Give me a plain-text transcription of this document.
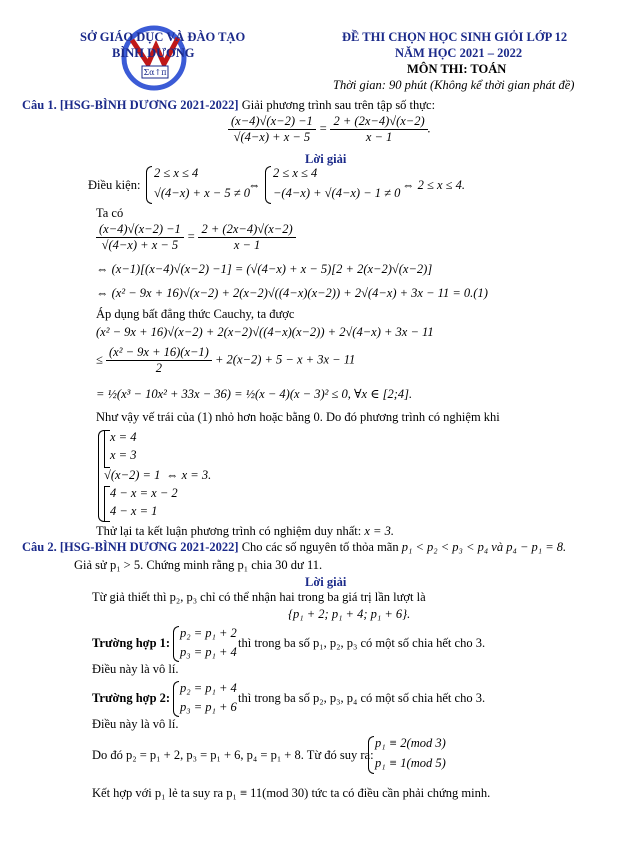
Σα↑π
SỞ GIÁO DỤC VÀ ĐÀO TẠO
BÌNH DƯƠNG
ĐỀ THI CHỌN HỌC SINH GIỎI LỚP 12
NĂM HỌC 2021 – 2022
MÔN THI: TOÁN
Thời gian: 90 phút (Không kể thời gian phát đề)
Câu 1. [HSG-BÌNH DƯƠNG 2021-2022] Giải phương trình sau trên tập số thực:
$\frac{(x-4)√(x-2) -1}{√(4-x) + x - 5} = \frac{2 + (2x-4)√(x-2)}{x - 1}$ .
Lời giải
Điều kiện:
2 ≤ x ≤ 4
√(4−x) + x − 5 ≠ 0
⇔
2 ≤ x ≤ 4
−(4−x) + √(4−x) − 1 ≠ 0
⇔ 2 ≤ x ≤ 4.
Ta có
$\frac{(x-4)√(x-2) -1}{√(4-x) + x - 5} = \frac{2 + (2x-4)√(x-2)}{x - 1}$
⇔ (x−1)[(x−4)√(x−2) −1] = (√(4−x) + x − 5)[2 + 2(x−2)√(x−2)]
⇔ (x² − 9x + 16)√(x−2) + 2(x−2)√((4−x)(x−2)) + 2√(4−x) + 3x − 11 = 0.(1)
Áp dụng bất đẳng thức Cauchy, ta được
(x² − 9x + 16)√(x−2) + 2(x−2)√((4−x)(x−2)) + 2√(4−x) + 3x − 11
≤ $\frac{\text{(x² − 9x + 16)(x−1)}}{2} + 2(x-2) + 5 - x + 3x - 11$
= ½(x³ − 10x² + 33x − 36) = ½(x − 4)(x − 3)² ≤ 0, ∀x ∈ [2;4].
Như vậy vế trái của (1) nhỏ hơn hoặc bằng 0. Do đó phương trình có nghiệm khi
x = 4
x = 3
√(x−2) = 1 ⇔ x = 3.
4 − x = x − 2
4 − x = 1
Thử lại ta kết luận phương trình có nghiệm duy nhất: x = 3.
Câu 2. [HSG-BÌNH DƯƠNG 2021-2022] Cho các số nguyên tố thỏa mãn p₁ < p₂ < p₃ < p₄ và p₄ − p₁ = 8.
Giả sử p₁ > 5. Chứng minh rằng p₁ chia 30 dư 11.
Lời giải
Từ giả thiết thì p₂, p₃ chỉ có thể nhận hai trong ba giá trị lần lượt là
{p₁ + 2; p₁ + 4; p₁ + 6}.
Trường hợp 1:
p₂ = p₁ + 2
p₃ = p₁ + 4
thì trong ba số p₁, p₂, p₃ có một số chia hết cho 3.
Điều này là vô lí.
Trường hợp 2:
p₂ = p₁ + 4
p₃ = p₁ + 6
thì trong ba số p₂, p₃, p₄ có một số chia hết cho 3.
Điều này là vô lí.
Do đó p₂ = p₁ + 2, p₃ = p₁ + 6, p₄ = p₁ + 8. Từ đó suy ra:
p₁ ≡ 2(mod 3)
p₁ ≡ 1(mod 5)
Kết hợp với p₁ lẻ ta suy ra p₁ ≡ 11(mod 30) tức ta có điều cần phải chứng minh.
